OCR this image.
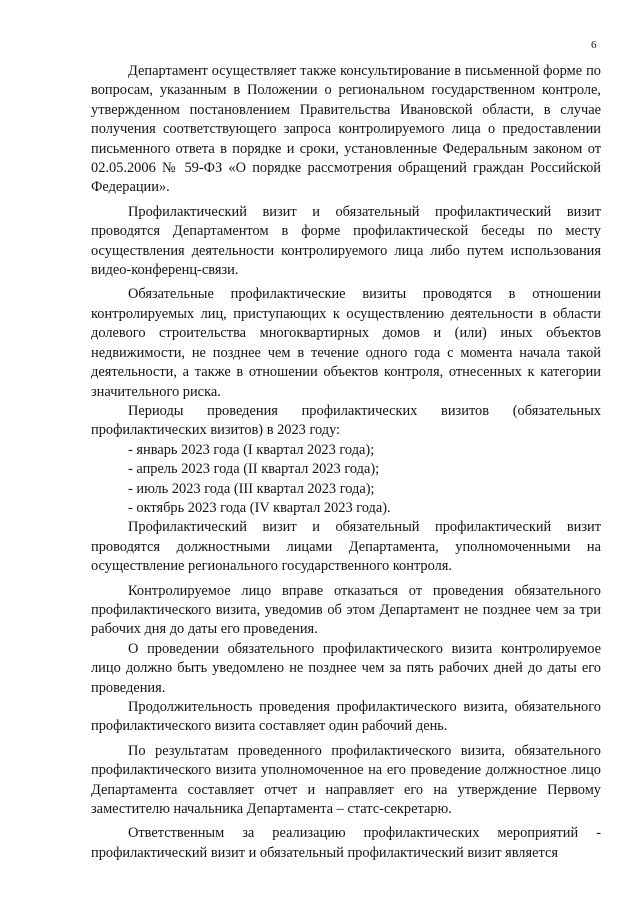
6

Департамент осуществляет также консультирование в письменной форме по вопросам, указанным в Положении о региональном государственном контроле, утвержденном постановлением Правительства Ивановской области, в случае получения соответствующего запроса контролируемого лица о предоставлении письменного ответа в порядке и сроки, установленные Федеральным законом от 02.05.2006 № 59-ФЗ «О порядке рассмотрения обращений граждан Российской Федерации».

Профилактический визит и обязательный профилактический визит проводятся Департаментом в форме профилактической беседы по месту осуществления деятельности контролируемого лица либо путем использования видео-конференц-связи.

Обязательные профилактические визиты проводятся в отношении контролируемых лиц, приступающих к осуществлению деятельности в области долевого строительства многоквартирных домов и (или) иных объектов недвижимости, не позднее чем в течение одного года с момента начала такой деятельности, а также в отношении объектов контроля, отнесенных к категории значительного риска.

Периоды проведения профилактических визитов (обязательных профилактических визитов) в 2023 году:

- январь 2023 года (I квартал 2023 года);
- апрель 2023 года (II квартал 2023 года);
- июль 2023 года (III квартал 2023 года);
- октябрь 2023 года (IV квартал 2023 года).

Профилактический визит и обязательный профилактический визит проводятся должностными лицами Департамента, уполномоченными на осуществление регионального государственного контроля.

Контролируемое лицо вправе отказаться от проведения обязательного профилактического визита, уведомив об этом Департамент не позднее чем за три рабочих дня до даты его проведения.

О проведении обязательного профилактического визита контролируемое лицо должно быть уведомлено не позднее чем за пять рабочих дней до даты его проведения.

Продолжительность проведения профилактического визита, обязательного профилактического визита составляет один рабочий день.

По результатам проведенного профилактического визита, обязательного профилактического визита уполномоченное на его проведение должностное лицо Департамента составляет отчет и направляет его на утверждение Первому заместителю начальника Департамента – статс-секретарю.

Ответственным за реализацию профилактических мероприятий - профилактический визит и обязательный профилактический визит является
